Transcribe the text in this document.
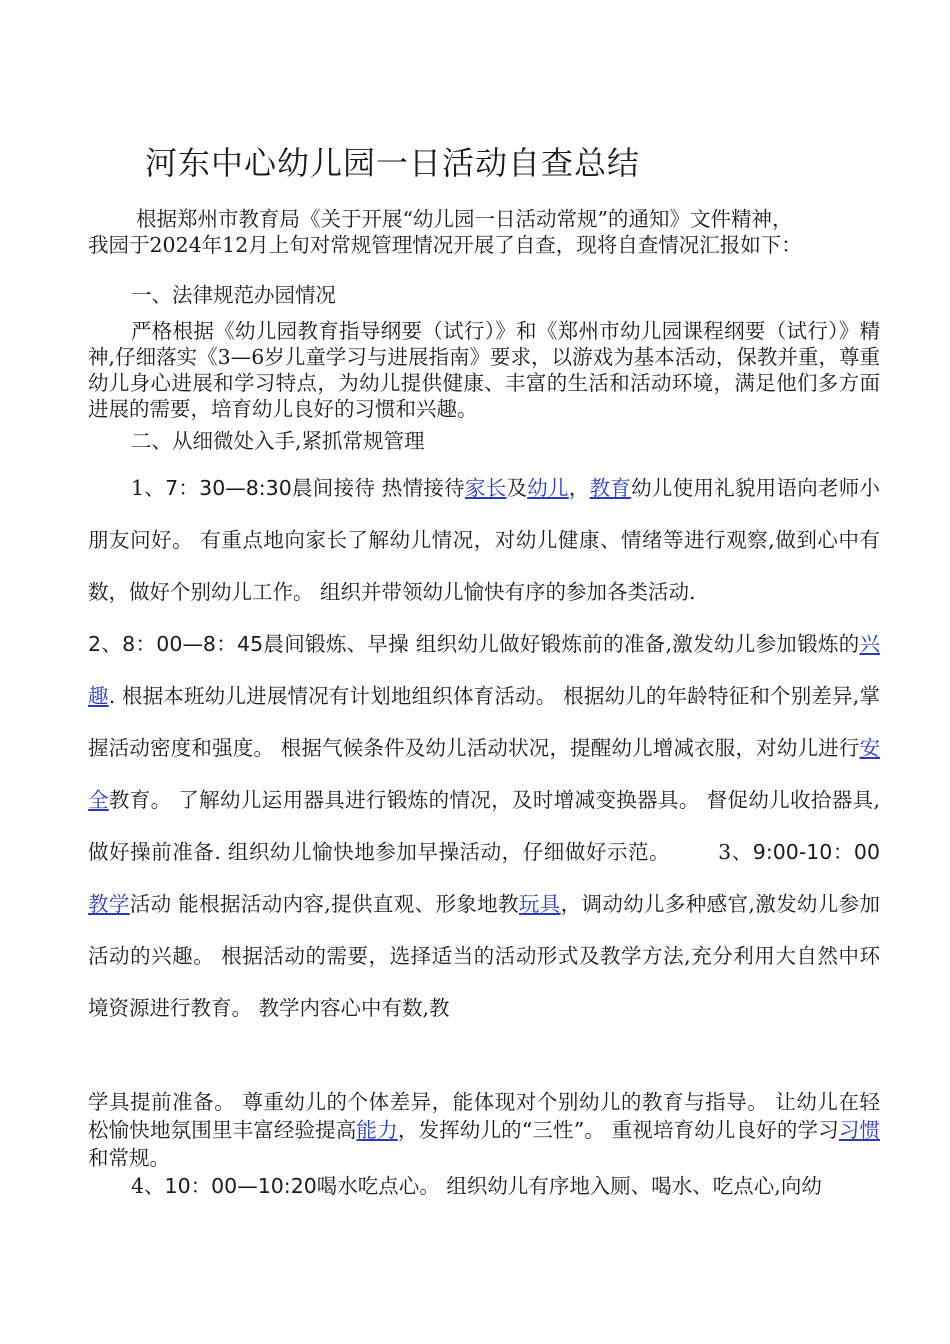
河东中心幼儿园一日活动自查总结
根据郑州市教育局《关于开展“幼儿园一日活动常规”的通知》文件精神，
我园于2024年12月上旬对常规管理情况开展了自查，现将自查情况汇报如下：
一、法律规范办园情况
严格根据《幼儿园教育指导纲要（试行）》和《郑州市幼儿园课程纲要（试行）》精神,仔细落实《3—6岁儿童学习与进展指南》要求，以游戏为基本活动，保教并重，尊重幼儿身心进展和学习特点，为幼儿提供健康、丰富的生活和活动环境，满足他们多方面进展的需要，培育幼儿良好的习惯和兴趣。
二、从细微处入手,紧抓常规管理
1、7：30—8:30晨间接待 热情接待家长及幼儿，教育幼儿使用礼貌用语向老师小朋友问好。 有重点地向家长了解幼儿情况，对幼儿健康、情绪等进行观察,做到心中有数，做好个别幼儿工作。 组织并带领幼儿愉快有序的参加各类活动.
2、8：00—8：45晨间锻炼、早操 组织幼儿做好锻炼前的准备,激发幼儿参加锻炼的兴趣. 根据本班幼儿进展情况有计划地组织体育活动。 根据幼儿的年龄特征和个别差异,掌握活动密度和强度。 根据气候条件及幼儿活动状况，提醒幼儿增减衣服，对幼儿进行安全教育。 了解幼儿运用器具进行锻炼的情况，及时增减变换器具。 督促幼儿收拾器具,做好操前准备. 组织幼儿愉快地参加早操活动，仔细做好示范。 3、9:00-10：00教学活动 能根据活动内容,提供直观、形象地教玩具，调动幼儿多种感官,激发幼儿参加活动的兴趣。 根据活动的需要，选择适当的活动形式及教学方法,充分利用大自然中环境资源进行教育。 教学内容心中有数,教
学具提前准备。 尊重幼儿的个体差异，能体现对个别幼儿的教育与指导。 让幼儿在轻松愉快地氛围里丰富经验提高能力，发挥幼儿的“三性”。 重视培育幼儿良好的学习习惯和常规。
4、10：00—10:20喝水吃点心。 组织幼儿有序地入厕、喝水、吃点心,向幼
